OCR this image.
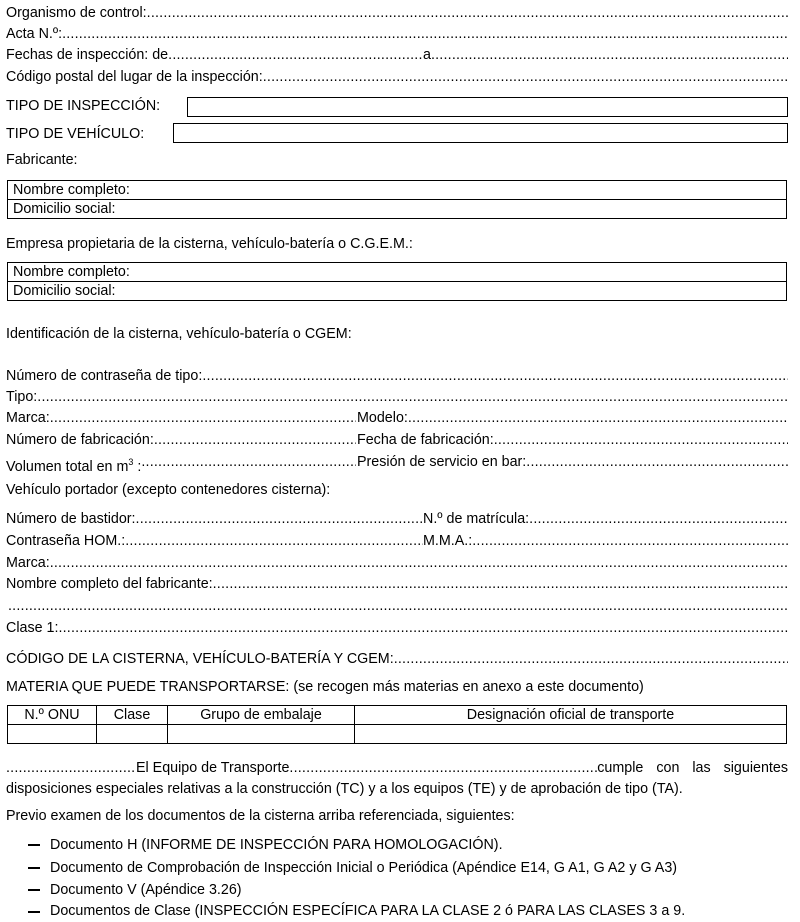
Organismo de control:
.....
Acta N.º:
.....
Fechas de inspección: de .....	a
.....
Código postal del lugar de la inspección:
.....
TIPO DE INSPECCIÓN:
TIPO DE VEHÍCULO:
Fabricante:
Nombre completo:
Domicilio social:
Empresa propietaria de la cisterna, vehículo-batería o C.G.E.M.:
Nombre completo:
Domicilio social:
Identificación de la cisterna, vehículo-batería o CGEM:
Número de contraseña de tipo:
.....
Tipo:
.....
Marca: .....	Modelo:
.....
Número de fabricación: .....	Fecha de fabricación:
.....
Volumen total en $m^3$ : .....	Presión de servicio en bar:
.....
Vehículo portador (excepto contenedores cisterna):
Número de bastidor: .....	N.º de matrícula:
.....
Contraseña HOM.: .....	M.M.A.:
.....
Marca:
.....
Nombre completo del fabricante:
.....
.....
Clase 1:
.....
CÓDIGO DE LA CISTERNA, VEHÍCULO-BATERÍA Y CGEM:
.....
MATERIA QUE PUEDE TRANSPORTARSE: (se recogen más materias en anexo a este documento)
N.º ONU	Clase	Grupo de embalaje	Designación oficial de transporte

.....
El Equipo de Transporte .....	cumple con las siguientes
disposiciones especiales relativas a la construcción (TC) y a los equipos (TE) y de aprobación de tipo (TA).
Previo examen de los documentos de la cisterna arriba referenciada, siguientes:
Documento H (INFORME DE INSPECCIÓN PARA HOMOLOGACIÓN).
Documento de Comprobación de Inspección Inicial o Periódica (Apéndice E14, G A1, G A2 y G A3)
Documento V (Apéndice 3.26)
Documentos de Clase (INSPECCIÓN ESPECÍFICA PARA LA CLASE 2 ó PARA LAS CLASES 3 a 9.
